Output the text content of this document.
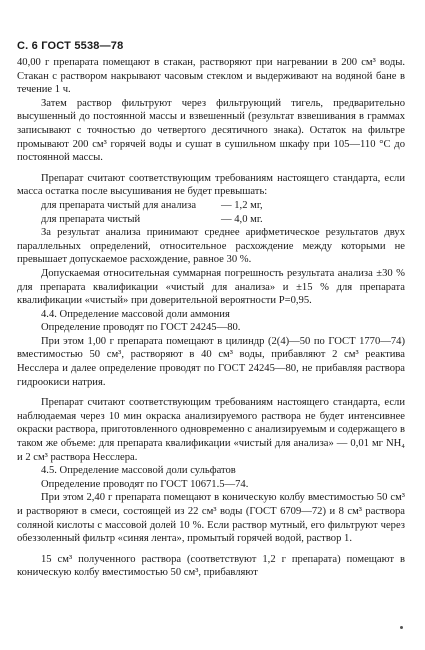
С. 6 ГОСТ 5538—78

40,00 г препарата помещают в стакан, растворяют при нагревании в 200 см³ воды. Стакан с раствором накрывают часовым стеклом и выдерживают на водяной бане в течение 1 ч.

Затем раствор фильтруют через фильтрующий тигель, предварительно высушенный до постоянной массы и взвешенный (результат взвешивания в граммах записывают с точностью до четвертого десятичного знака). Остаток на фильтре промывают 200 см³ горячей воды и сушат в сушильном шкафу при 105—110 °С до постоянной массы.

Препарат считают соответствующим требованиям настоящего стандарта, если масса остатка после высушивания не будет превышать:

для препарата чистый для анализа	— 1,2 мг,
для препарата чистый	— 4,0 мг.

За результат анализа принимают среднее арифметическое результатов двух параллельных определений, относительное расхождение между которыми не превышает допускаемое расхождение, равное 30 %.

Допускаемая относительная суммарная погрешность результата анализа ±30 % для препарата квалификации «чистый для анализа» и ±15 % для препарата квалификации «чистый» при доверительной вероятности P=0,95.

4.4. Определение массовой доли аммония

Определение проводят по ГОСТ 24245—80.

При этом 1,00 г препарата помещают в цилиндр (2(4)—50 по ГОСТ 1770—74) вместимостью 50 см³, растворяют в 40 см³ воды, прибавляют 2 см³ реактива Несслера и далее определение проводят по ГОСТ 24245—80, не прибавляя раствора гидроокиси натрия.

Препарат считают соответствующим требованиям настоящего стандарта, если наблюдаемая через 10 мин окраска анализируемого раствора не будет интенсивнее окраски раствора, приготовленного одновременно с анализируемым и содержащего в таком же объеме: для препарата квалификации «чистый для анализа» — 0,01 мг NH₄ и 2 см³ раствора Несслера.

4.5. Определение массовой доли сульфатов

Определение проводят по ГОСТ 10671.5—74.

При этом 2,40 г препарата помещают в коническую колбу вместимостью 50 см³ и растворяют в смеси, состоящей из 22 см³ воды (ГОСТ 6709—72) и 8 см³ раствора соляной кислоты с массовой долей 10 %. Если раствор мутный, его фильтруют через обеззоленный фильтр «синяя лента», промытый горячей водой, раствор 1.

15 см³ полученного раствора (соответствуют 1,2 г препарата) помещают в коническую колбу вместимостью 50 см³, прибавляют
